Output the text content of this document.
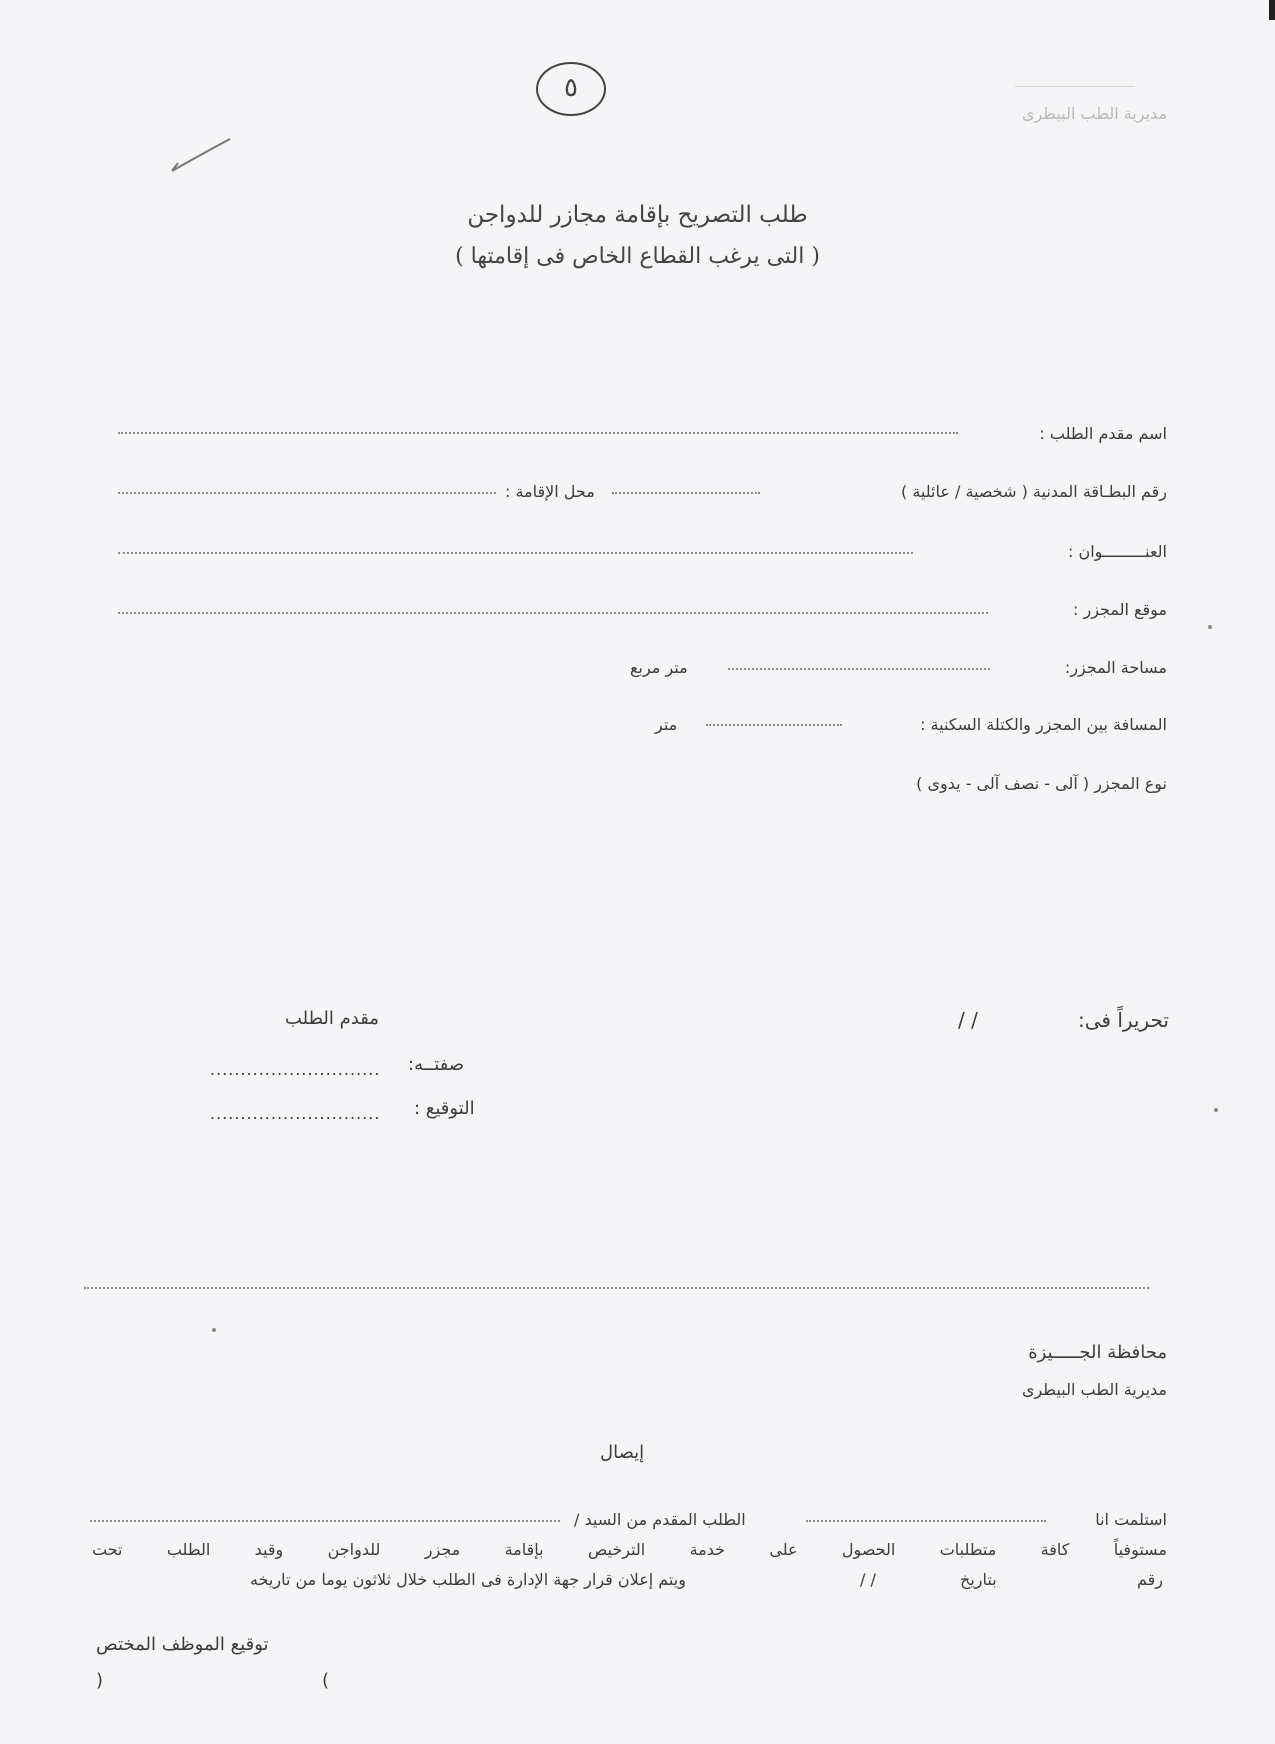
٥
مديرية الطب البيطرى
طلب التصريح بإقامة مجازر للدواجن
( التى يرغب القطاع الخاص فى إقامتها )
اسم مقدم الطلب :
رقم البطـاقة المدنية ( شخصية / عائلية )
محل الإقامة :
العنـــــــــوان :
موقع المجزر :
مساحة المجزر:
متر مربع
المسافة بين المجزر والكتلة السكنية :
متر
نوع المجزر ( آلى - نصف آلى - يدوى )
تحريراً فى:
/ /
مقدم الطلب
صفتــه:
............................
التوقيع :
............................
محافظة الجـــــيزة
مديرية الطب البيطرى
إيصال
استلمت انا
الطلب المقدم من السيد /
مستوفياً كافة متطلبات الحصول على خدمة الترخيص بإقامة مجزر للدواجن وقيد الطلب تحت
رقم
بتاريخ
/ /
ويتم إعلان قرار جهة الإدارة فى الطلب خلال ثلاثون يوما من تاريخه
توقيع الموظف المختص
(	)
